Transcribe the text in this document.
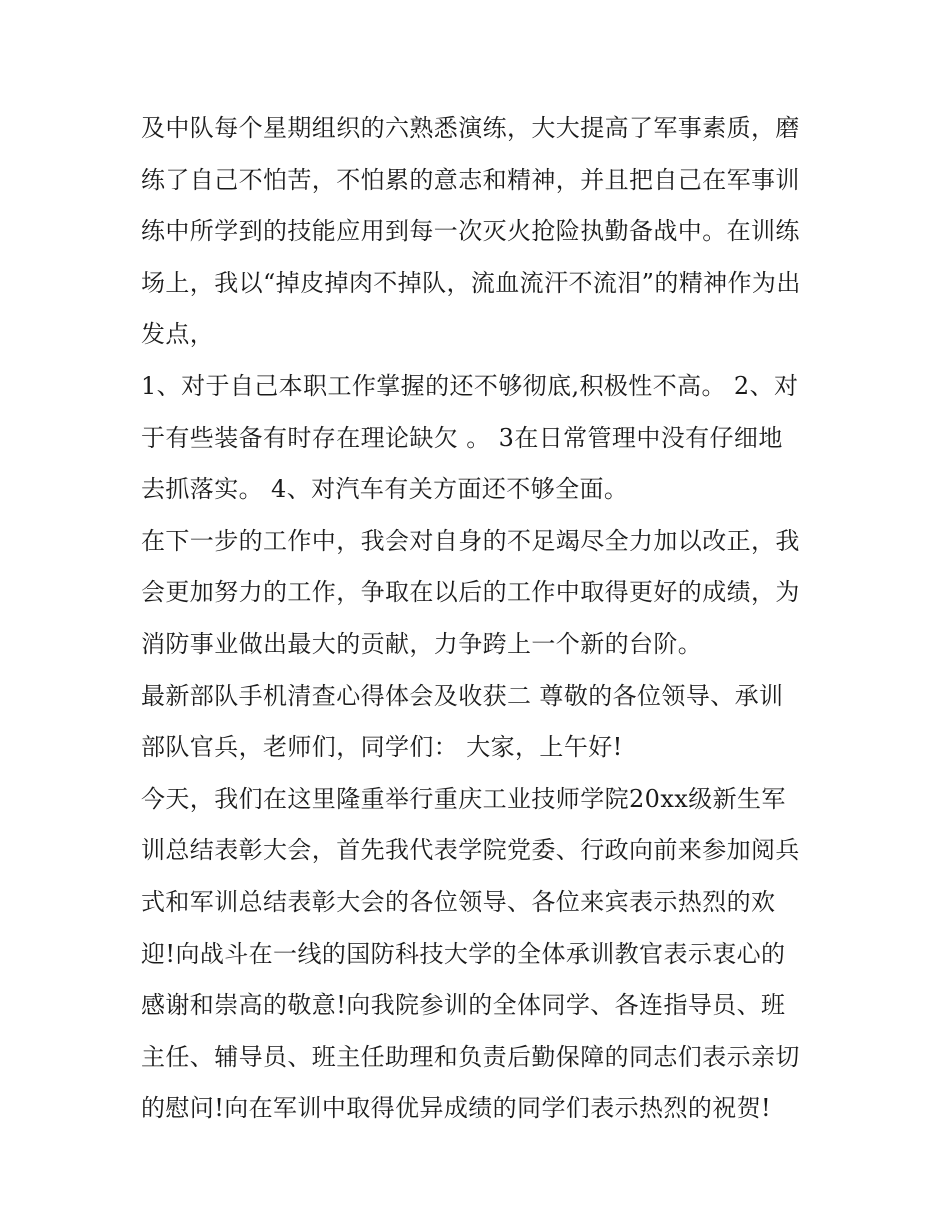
及中队每个星期组织的六熟悉演练，大大提高了军事素质，磨
练了自己不怕苦，不怕累的意志和精神，并且把自己在军事训
练中所学到的技能应用到每一次灭火抢险执勤备战中。在训练
场上，我以“掉皮掉肉不掉队，流血流汗不流泪”的精神作为出
发点，
1、对于自己本职工作掌握的还不够彻底,积极性不高。 2、对
于有些装备有时存在理论缺欠 。 3在日常管理中没有仔细地
去抓落实。 4、对汽车有关方面还不够全面。
在下一步的工作中，我会对自身的不足竭尽全力加以改正，我
会更加努力的工作，争取在以后的工作中取得更好的成绩，为
消防事业做出最大的贡献，力争跨上一个新的台阶。
最新部队手机清查心得体会及收获二 尊敬的各位领导、承训
部队官兵，老师们，同学们： 大家，上午好!
今天，我们在这里隆重举行重庆工业技师学院20xx级新生军
训总结表彰大会，首先我代表学院党委、行政向前来参加阅兵
式和军训总结表彰大会的各位领导、各位来宾表示热烈的欢
迎!向战斗在一线的国防科技大学的全体承训教官表示衷心的
感谢和崇高的敬意!向我院参训的全体同学、各连指导员、班
主任、辅导员、班主任助理和负责后勤保障的同志们表示亲切
的慰问!向在军训中取得优异成绩的同学们表示热烈的祝贺!
